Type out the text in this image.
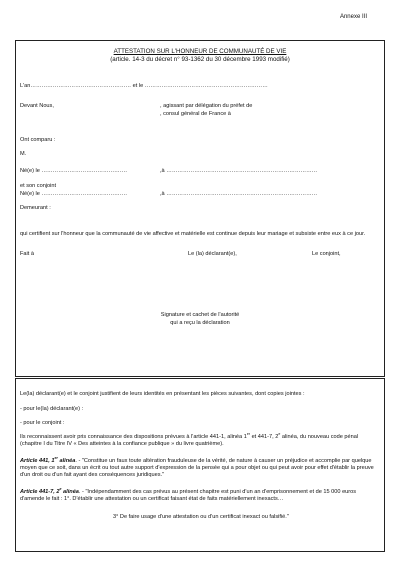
Annexe III
ATTESTATION SUR L'HONNEUR DE COMMUNAUTÉ DE VIE
(article. 14-3 du décret n° 93-1362 du 30 décembre 1993 modifié)
L'an……………………………………………… et le …………………………………………………………
Devant Nous,	, agissant par délégation du préfet de
, consul général de France à
Ont comparu :
M.
Né(e) le ……………………………………….	,à ………………………………………………………………………
et son conjoint
Né(e) le ……………………………………….	,à ………………………………………………………………………
Demeurant :
qui certifient sur l'honneur que la communauté de vie affective et matérielle est continue depuis leur mariage et subsiste entre eux à ce jour.
Fait à	Le (la) déclarant(e),	Le conjoint,
Signature et cachet de l'autorité
qui a reçu la déclaration
Le(la) déclarant(e) et le conjoint justifient de leurs identités en présentant les pièces suivantes, dont copies jointes :
- pour le(la) déclarant(e) :
- pour le conjoint :
Ils reconnaissent avoir pris connaissance des dispositions prévues à l'article 441-1, alinéa 1er et 441-7, 2e alinéa, du nouveau code pénal (chapitre I du Titre IV « Des atteintes à la confiance publique » du livre quatrième).
Article 441, 1er alinéa. - "Constitue un faux toute altération frauduleuse de la vérité, de nature à causer un préjudice et accomplie par quelque moyen que ce soit, dans un écrit ou tout autre support d'expression de la pensée qui a pour objet ou qui peut avoir pour effet d'établir la preuve d'un droit ou d'un fait ayant des conséquences juridiques."
Article 441-7, 2e alinéa. - "Indépendamment des cas prévus au présent chapitre est puni d'un an d'emprisonnement et de 15 000 euros d'amende le fait : 1°. D'établir une attestation ou un certificat faisant état de faits matériellement inexacts…
3° De faire usage d'une attestation ou d'un certificat inexact ou falsifié."
